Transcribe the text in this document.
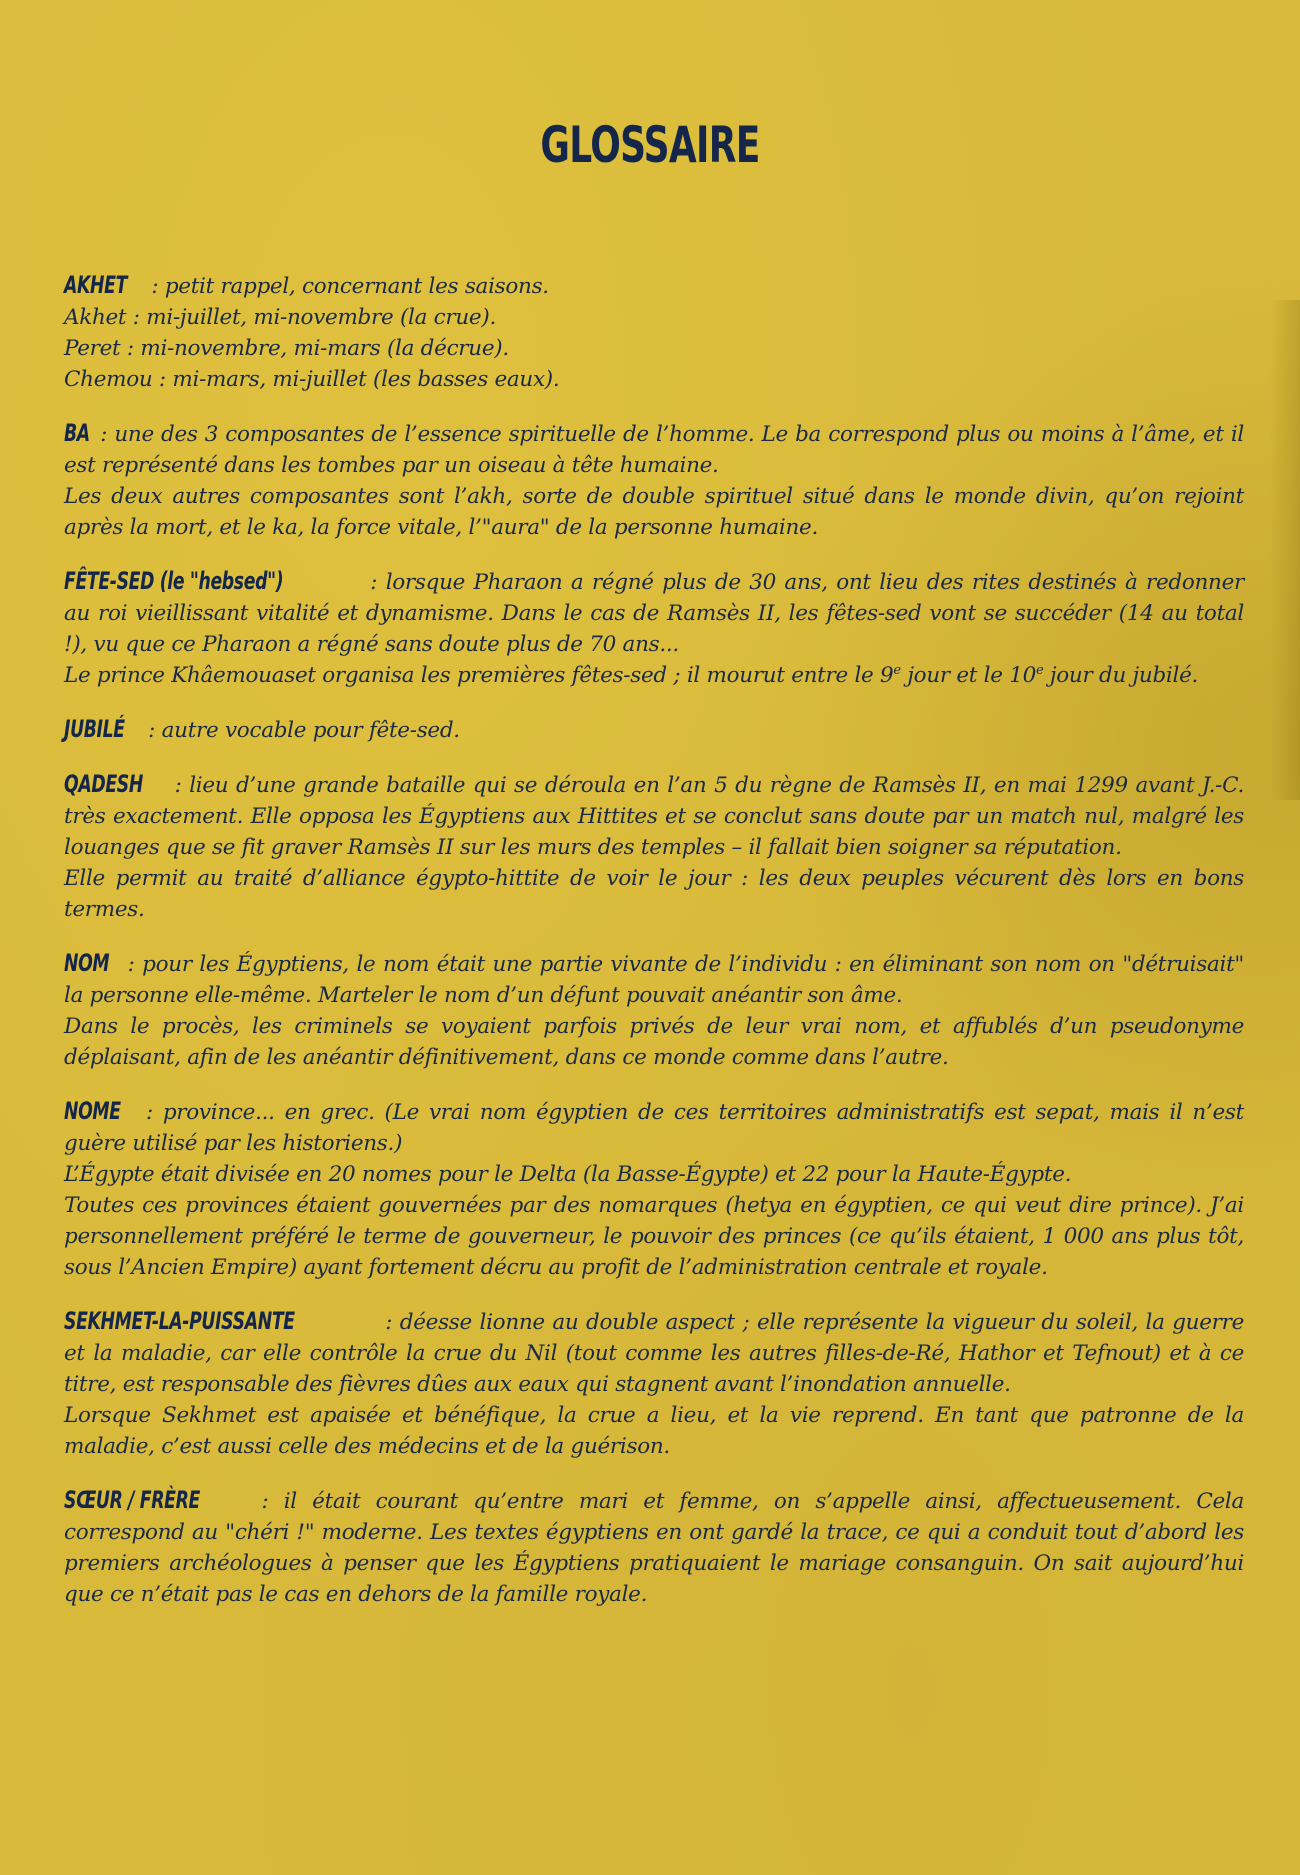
GLOSSAIRE
AKHET : petit rappel, concernant les saisons.
Akhet : mi-juillet, mi-novembre (la crue).
Peret : mi-novembre, mi-mars (la décrue).
Chemou : mi-mars, mi-juillet (les basses eaux).
BA : une des 3 composantes de l’essence spirituelle de l’homme. Le ba correspond plus ou moins à l’âme, et il est représenté dans les tombes par un oiseau à tête humaine.
Les deux autres composantes sont l’akh, sorte de double spirituel situé dans le monde divin, qu’on rejoint après la mort, et le ka, la force vitale, l’"aura" de la personne humaine.
FÊTE-SED (le "hebsed")	: lorsque Pharaon a régné plus de 30 ans, ont lieu des rites destinés à redonner au roi vieillissant vitalité et dynamisme. Dans le cas de Ramsès II, les fêtes-sed vont se succéder (14 au total !), vu que ce Pharaon a régné sans doute plus de 70 ans...
Le prince Khâemouaset organisa les premières fêtes-sed ; il mourut entre le 9e jour et le 10e jour du jubilé.
JUBILÉ : autre vocable pour fête-sed.
QADESH : lieu d’une grande bataille qui se déroula en l’an 5 du règne de Ramsès II, en mai 1299 avant J.-C. très exactement. Elle opposa les Égyptiens aux Hittites et se conclut sans doute par un match nul, malgré les louanges que se fit graver Ramsès II sur les murs des temples – il fallait bien soigner sa réputation.
Elle permit au traité d’alliance égypto-hittite de voir le jour : les deux peuples vécurent dès lors en bons termes.
NOM : pour les Égyptiens, le nom était une partie vivante de l’individu : en éliminant son nom on "détruisait" la personne elle-même. Marteler le nom d’un défunt pouvait anéantir son âme.
Dans le procès, les criminels se voyaient parfois privés de leur vrai nom, et affublés d’un pseudonyme déplaisant, afin de les anéantir définitivement, dans ce monde comme dans l’autre.
NOME : province... en grec. (Le vrai nom égyptien de ces territoires administratifs est sepat, mais il n’est guère utilisé par les historiens.)
L’Égypte était divisée en 20 nomes pour le Delta (la Basse-Égypte) et 22 pour la Haute-Égypte.
Toutes ces provinces étaient gouvernées par des nomarques (hetya en égyptien, ce qui veut dire prince). J’ai personnellement préféré le terme de gouverneur, le pouvoir des princes (ce qu’ils étaient, 1 000 ans plus tôt, sous l’Ancien Empire) ayant fortement décru au profit de l’administration centrale et royale.
SEKHMET-LA-PUISSANTE	: déesse lionne au double aspect ; elle représente la vigueur du soleil, la guerre et la maladie, car elle contrôle la crue du Nil (tout comme les autres filles-de-Ré, Hathor et Tefnout) et à ce titre, est responsable des fièvres dûes aux eaux qui stagnent avant l’inondation annuelle.
Lorsque Sekhmet est apaisée et bénéfique, la crue a lieu, et la vie reprend. En tant que patronne de la maladie, c’est aussi celle des médecins et de la guérison.
SŒUR / FRÈRE : il était courant qu’entre mari et femme, on s’appelle ainsi, affectueusement. Cela correspond au "chéri !" moderne. Les textes égyptiens en ont gardé la trace, ce qui a conduit tout d’abord les premiers archéologues à penser que les Égyptiens pratiquaient le mariage consanguin. On sait aujourd’hui que ce n’était pas le cas en dehors de la famille royale.
